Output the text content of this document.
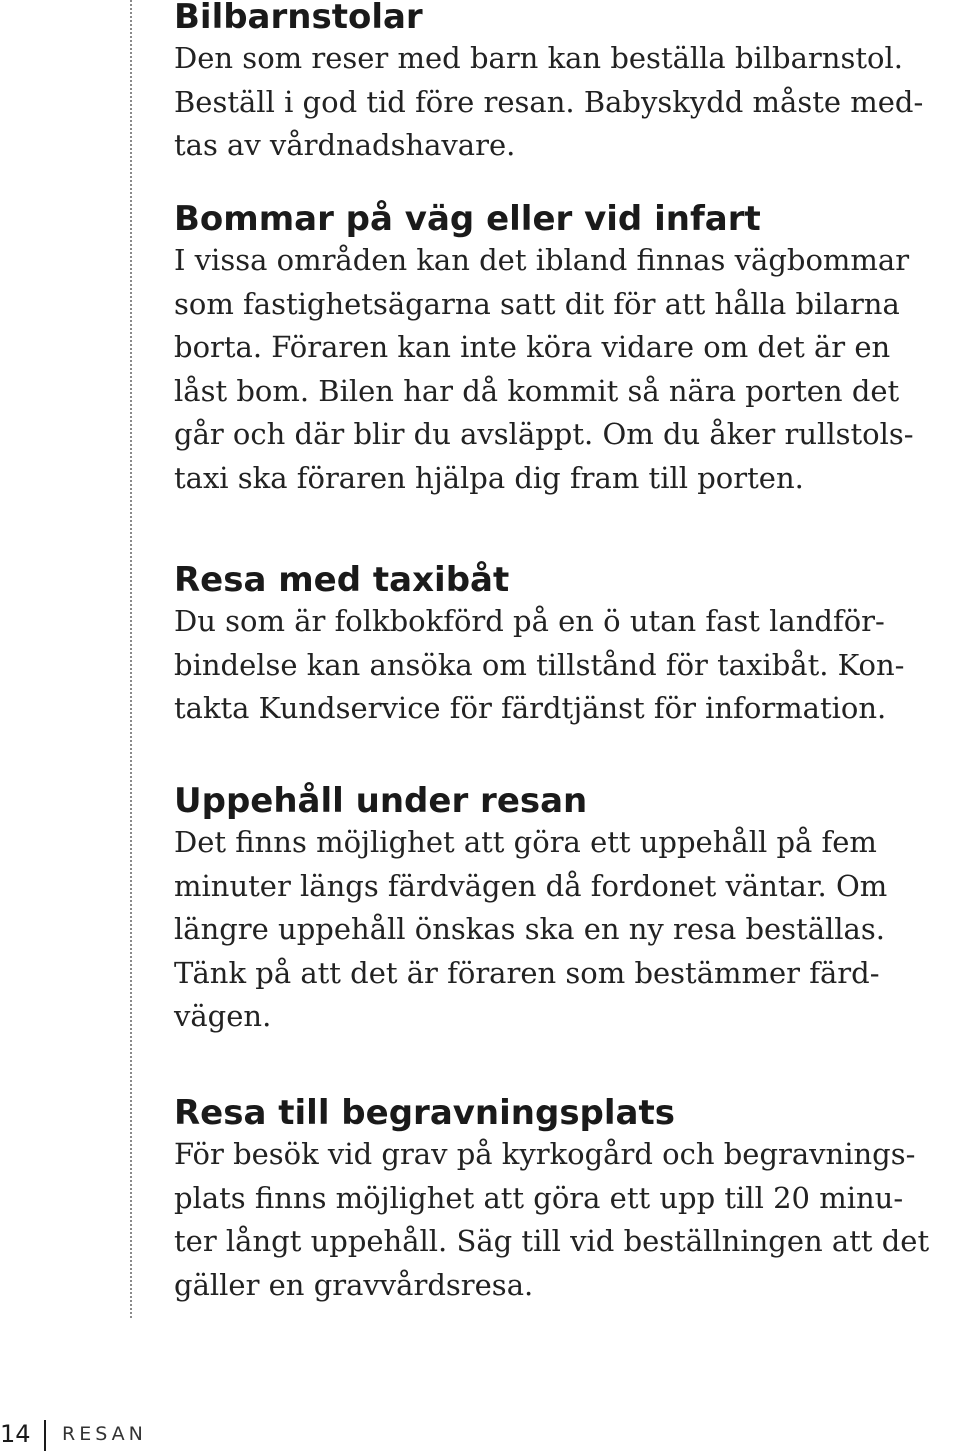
Bilbarnstolar

Den som reser med barn kan beställa bilbarnstol.
Beställ i god tid före resan. Babyskydd måste med-
tas av vårdnadshavare.

Bommar på väg eller vid infart

I vissa områden kan det ibland finnas vägbommar
som fastighetsägarna satt dit för att hålla bilarna
borta. Föraren kan inte köra vidare om det är en
låst bom. Bilen har då kommit så nära porten det
går och där blir du avsläppt. Om du åker rullstols-
taxi ska föraren hjälpa dig fram till porten.

Resa med taxibåt

Du som är folkbokförd på en ö utan fast landför-
bindelse kan ansöka om tillstånd för taxibåt. Kon-
takta Kundservice för färdtjänst för information.

Uppehåll under resan

Det finns möjlighet att göra ett uppehåll på fem
minuter längs färdvägen då fordonet väntar. Om
längre uppehåll önskas ska en ny resa beställas.
Tänk på att det är föraren som bestämmer färd-
vägen.

Resa till begravningsplats

För besök vid grav på kyrkogård och begravnings-
plats finns möjlighet att göra ett upp till 20 minu-
ter långt uppehåll. Säg till vid beställningen att det
gäller en gravvårdsresa.

14 RESAN
